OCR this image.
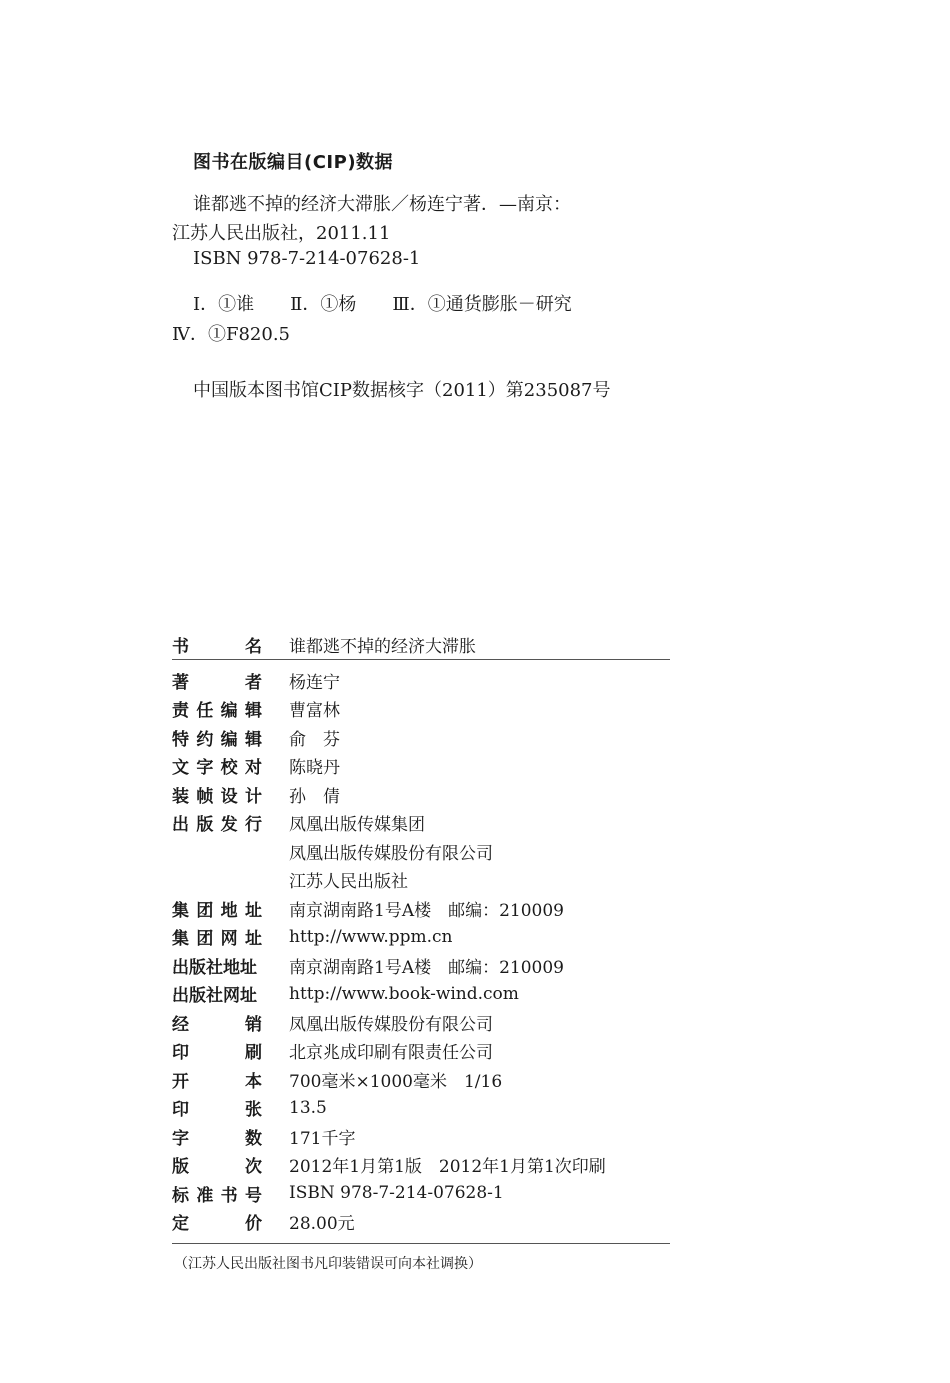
图书在版编目(CIP)数据
谁都逃不掉的经济大滞胀／杨连宁著．—南京：
江苏人民出版社，2011.11
ISBN 978-7-214-07628-1
Ⅰ．①谁　　Ⅱ．①杨　　Ⅲ．①通货膨胀－研究
Ⅳ．①F820.5
中国版本图书馆CIP数据核字（2011）第235087号
书	名 谁都逃不掉的经济大滞胀
著	者 杨连宁
责 任 编 辑 曹富林
特 约 编 辑 俞　芬
文 字 校 对 陈晓丹
装 帧 设 计 孙　倩
出 版 发 行 凤凰出版传媒集团
凤凰出版传媒股份有限公司
江苏人民出版社
集 团 地 址 南京湖南路1号A楼　邮编：210009
集 团 网 址 http://www.ppm.cn
出版社地址 南京湖南路1号A楼　邮编：210009
出版社网址 http://www.book-wind.com
经	销 凤凰出版传媒股份有限公司
印	刷 北京兆成印刷有限责任公司
开	本 700毫米×1000毫米　1/16
印	张 13.5
字	数 171千字
版	次 2012年1月第1版　2012年1月第1次印刷
标 准 书 号 ISBN 978-7-214-07628-1
定	价 28.00元
（江苏人民出版社图书凡印装错误可向本社调换）
